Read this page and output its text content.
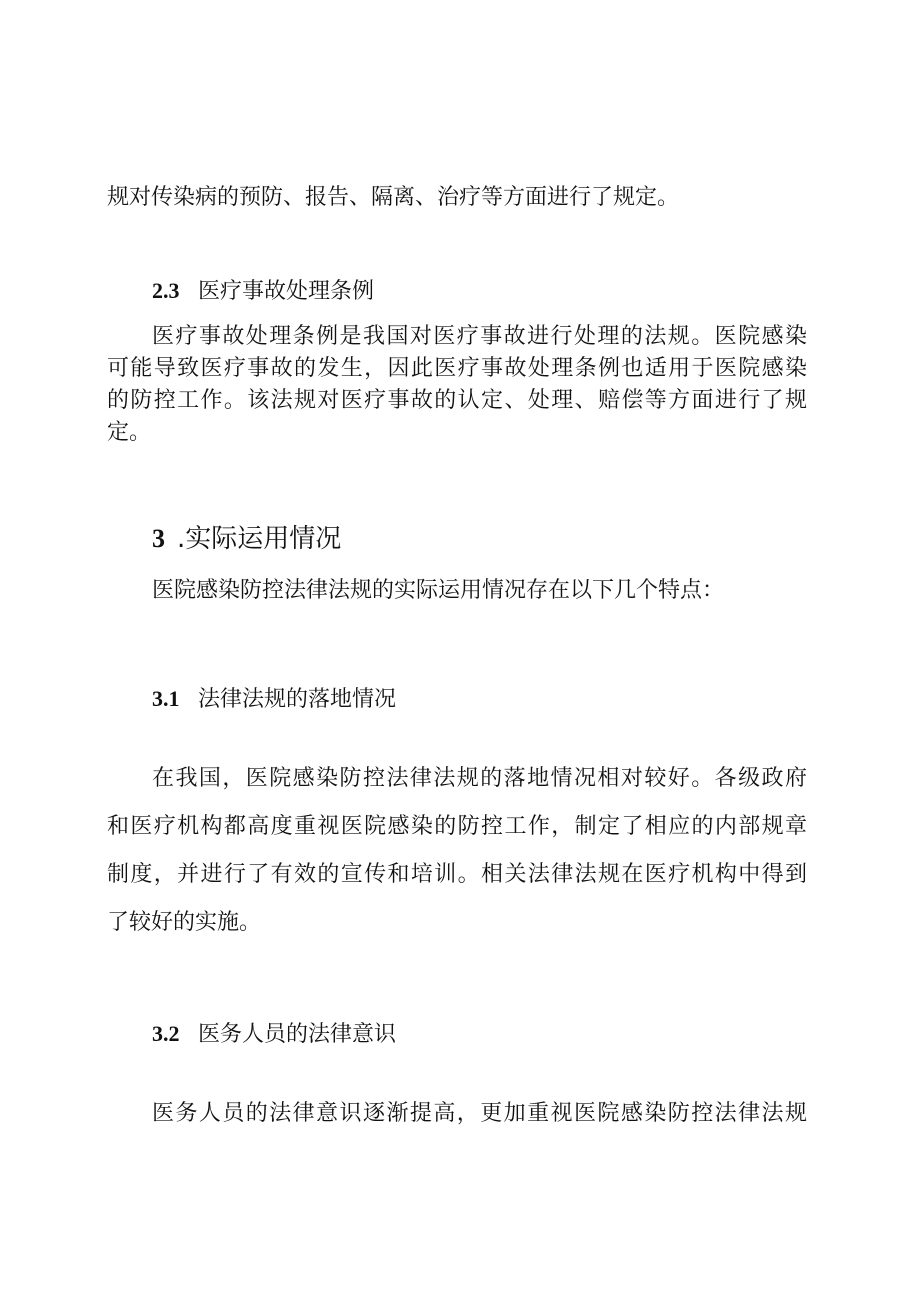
规对传染病的预防、报告、隔离、治疗等方面进行了规定。
2.3 医疗事故处理条例
医疗事故处理条例是我国对医疗事故进行处理的法规。医院感染
可能导致医疗事故的发生，因此医疗事故处理条例也适用于医院感染
的防控工作。该法规对医疗事故的认定、处理、赔偿等方面进行了规
定。
3 .实际运用情况
医院感染防控法律法规的实际运用情况存在以下几个特点：
3.1 法律法规的落地情况
在我国，医院感染防控法律法规的落地情况相对较好。各级政府
和医疗机构都高度重视医院感染的防控工作，制定了相应的内部规章
制度，并进行了有效的宣传和培训。相关法律法规在医疗机构中得到
了较好的实施。
3.2 医务人员的法律意识
医务人员的法律意识逐渐提高，更加重视医院感染防控法律法规
